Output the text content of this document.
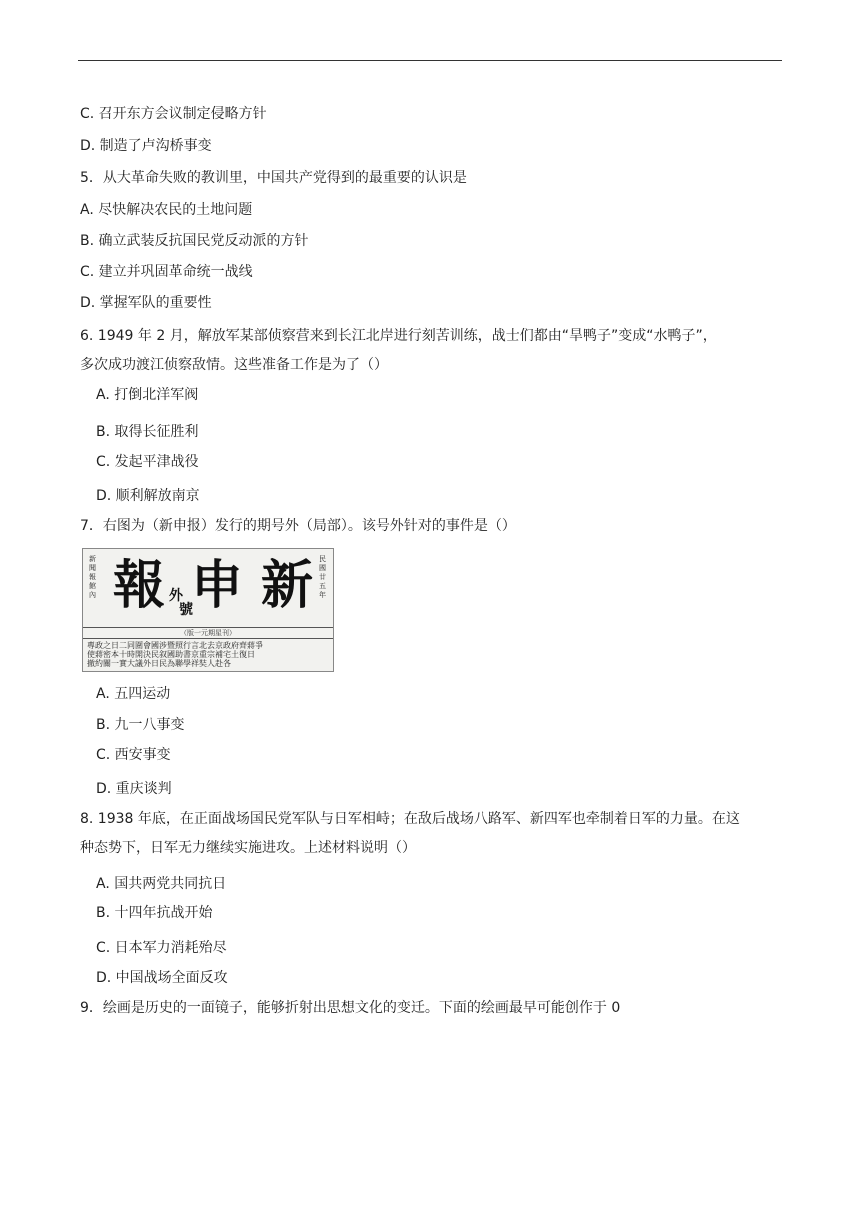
C. 召开东方会议制定侵略方针
D. 制造了卢沟桥事变
5．从大革命失败的教训里，中国共产党得到的最重要的认识是
A. 尽快解决农民的土地问题
B. 确立武装反抗国民党反动派的方针
C. 建立并巩固革命统一战线
D. 掌握军队的重要性
6. 1949 年 2 月，解放军某部侦察营来到长江北岸进行刻苦训练，战士们都由“旱鸭子”变成“水鸭子”，
多次成功渡江侦察敌情。这些准备工作是为了（）
A. 打倒北洋军阀
B. 取得长征胜利
C. 发起平津战役
D. 顺利解放南京
7．右图为（新申报）发行的期号外（局部）。该号外针对的事件是（）
新聞報館內 報 申 新
號
外
民國廿五年
（版一元期星刊）
專政之日二同圍會國涉暨照行言北去京政府齊蔣爭
使蔣密本十時開決民叙國助書京重宗補宅土復日
撤約關一實大議外日民為聯學祥奘人赴各
A. 五四运动
B. 九一八事变
C. 西安事变
D. 重庆谈判
8. 1938 年底，在正面战场国民党军队与日军相峙；在敌后战场八路军、新四军也牵制着日军的力量。在这
种态势下，日军无力继续实施进攻。上述材料说明（）
A. 国共两党共同抗日
B. 十四年抗战开始
C. 日本军力消耗殆尽
D. 中国战场全面反攻
9．绘画是历史的一面镜子，能够折射出思想文化的变迁。下面的绘画最早可能创作于 0
